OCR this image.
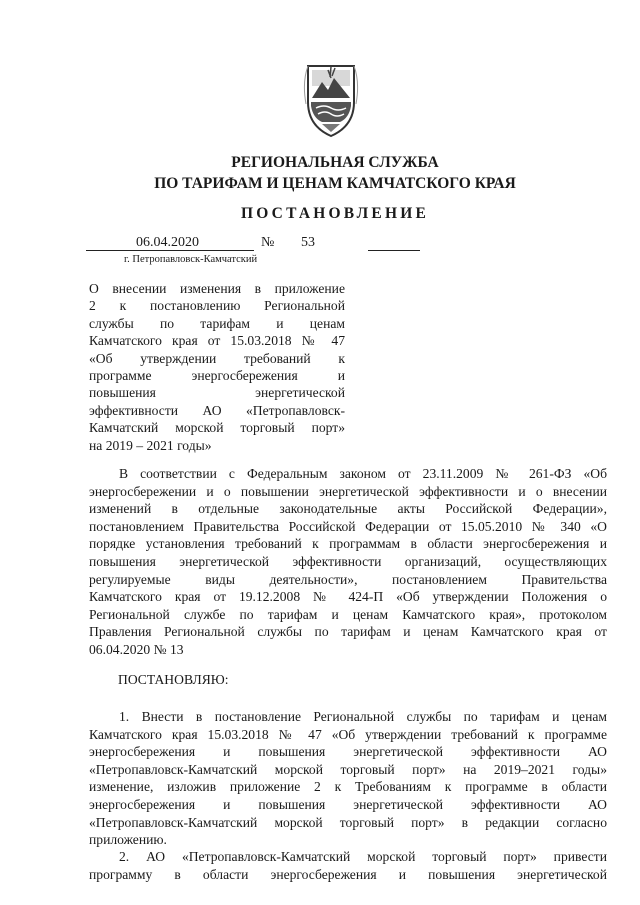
РЕГИОНАЛЬНАЯ СЛУЖБА
ПО ТАРИФАМ И ЦЕНАМ КАМЧАТСКОГО КРАЯ
ПОСТАНОВЛЕНИЕ
06.04.2020	№ 53
г. Петропавловск-Камчатский
О внесении изменения в приложение
2 к постановлению Региональной
службы по тарифам и ценам
Камчатского края от 15.03.2018 № 47
«Об утверждении требований к
программе энергосбережения и
повышения энергетической
эффективности АО «Петропавловск-
Камчатский морской торговый порт»
на 2019 – 2021 годы»
В соответствии с Федеральным законом от 23.11.2009 № 261-ФЗ «Об
энергосбережении и о повышении энергетической эффективности и о внесении
изменений в отдельные законодательные акты Российской Федерации»,
постановлением Правительства Российской Федерации от 15.05.2010 № 340 «О
порядке установления требований к программам в области энергосбережения и
повышения энергетической эффективности организаций, осуществляющих
регулируемые виды деятельности», постановлением Правительства
Камчатского края от 19.12.2008 № 424-П «Об утверждении Положения о
Региональной службе по тарифам и ценам Камчатского края», протоколом
Правления Региональной службы по тарифам и ценам Камчатского края от
06.04.2020 № 13
ПОСТАНОВЛЯЮ:
1. Внести в постановление Региональной службы по тарифам и ценам
Камчатского края 15.03.2018 № 47 «Об утверждении требований к программе
энергосбережения и повышения энергетической эффективности АО
«Петропавловск-Камчатский морской торговый порт» на 2019–2021 годы»
изменение, изложив приложение 2 к Требованиям к программе в области
энергосбережения и повышения энергетической эффективности АО
«Петропавловск-Камчатский морской торговый порт» в редакции согласно
приложению.
2. АО «Петропавловск-Камчатский морской торговый порт» привести
программу в области энергосбережения и повышения энергетической
